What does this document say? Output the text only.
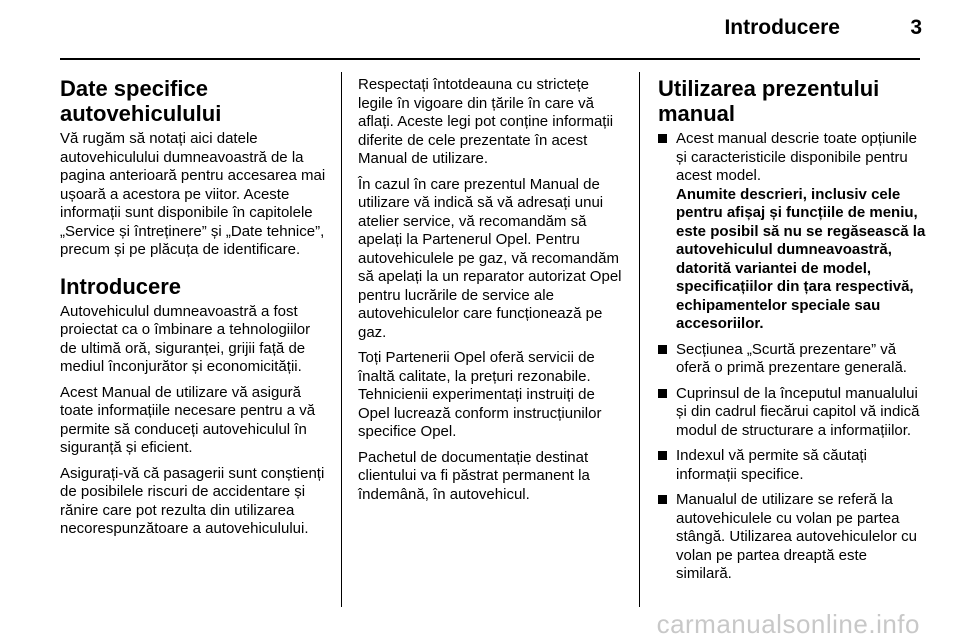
Introducere	3
Date specifice autovehiculului

Vă rugăm să notați aici datele autovehiculului dumneavoastră de la pagina anterioară pentru accesarea mai ușoară a acestora pe viitor. Aceste informații sunt disponibile în capitolele „Service și întreținere” și „Date tehnice”, precum și pe plăcuța de identificare.

Introducere

Autovehiculul dumneavoastră a fost proiectat ca o îmbinare a tehnologiilor de ultimă oră, siguranței, grijii față de mediul înconjurător și economicității.

Acest Manual de utilizare vă asigură toate informațiile necesare pentru a vă permite să conduceți autovehiculul în siguranță și eficient.

Asigurați-vă că pasagerii sunt conștienți de posibilele riscuri de accidentare și rănire care pot rezulta din utilizarea necorespunzătoare a autovehiculului.

Respectați întotdeauna cu strictețe legile în vigoare din țările în care vă aflați. Aceste legi pot conține informații diferite de cele prezentate în acest Manual de utilizare.

În cazul în care prezentul Manual de utilizare vă indică să vă adresați unui atelier service, vă recomandăm să apelați la Partenerul Opel. Pentru autovehiculele pe gaz, vă recomandăm să apelați la un reparator autorizat Opel pentru lucrările de service ale autovehiculelor care funcționează pe gaz.

Toți Partenerii Opel oferă servicii de înaltă calitate, la prețuri rezonabile. Tehnicienii experimentați instruiți de Opel lucrează conform instrucțiunilor specifice Opel.

Pachetul de documentație destinat clientului va fi păstrat permanent la îndemână, în autovehicul.

Utilizarea prezentului manual
Acest manual descrie toate opțiunile și caracteristicile disponibile pentru acest model.
Anumite descrieri, inclusiv cele pentru afișaj și funcțiile de meniu, este posibil să nu se regăsească la autovehiculul dumneavoastră, datorită variantei de model, specificațiilor din țara respectivă, echipamentelor speciale sau accesoriilor.
Secțiunea „Scurtă prezentare” vă oferă o primă prezentare generală.
Cuprinsul de la începutul manualului și din cadrul fiecărui capitol vă indică modul de structurare a informațiilor.
Indexul vă permite să căutați informații specifice.
Manualul de utilizare se referă la autovehiculele cu volan pe partea stângă. Utilizarea autovehiculelor cu volan pe partea dreaptă este similară.
carmanualsonline.info
